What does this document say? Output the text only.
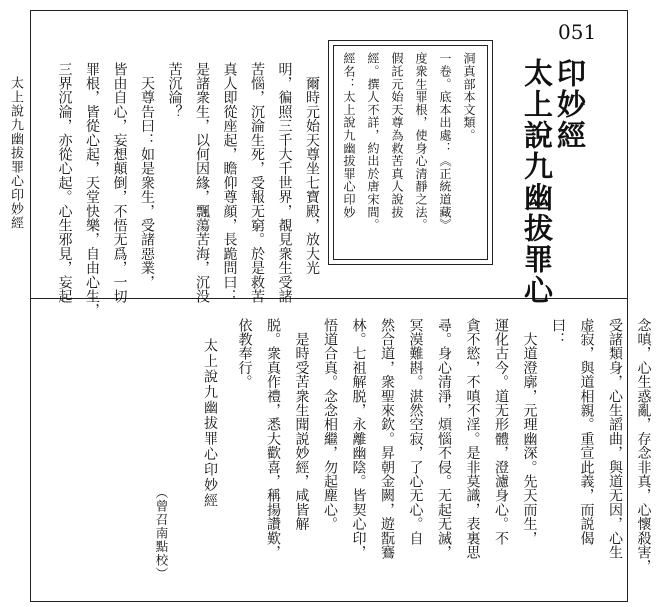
太上說九幽拔罪心印妙經
051
印妙經
太上說九幽拔罪心
洞真部本文類。
一卷。底本出處：《正統道藏》
度衆生罪根，使身心清靜之法。
假託元始天尊為救苦真人說拔
經。撰人不詳，約出於唐宋間。
經名：太上說九幽拔罪心印妙
　爾時元始天尊坐七寶殿，放大光
明，徧照三千大千世界，覩見衆生受諸
苦惱，沉淪生死，受報无窮。於是救苦
真人即從座起，瞻仰尊顔，長跪問曰：
是諸衆生，以何因緣，飄蕩苦海，沉没
苦沉淪？
　天尊告曰：如是衆生，受諸惡業，
皆由自心，妄想顛倒，不悟无爲，一切
罪根，皆從心起，天堂快樂，自由心生，
三界沉淪，亦從心起。心生邪見，妄起
念嗔，心生惑亂，存念非真，心懷殺害，
受諸類身，心生謟曲，與道无因，心生
虚寂，與道相親。重宣此義，而説偈
曰：
　大道澄廓，元理幽深。先天而生，
運化古今。道无形體，澄濾身心。不
貪不慾，不嗔不淫。是非莫識，表裏思
尋。身心清淨，煩惱不侵。无起无滅，
冥漠難斟。湛然空寂，了心无心。自
然合道，衆聖來欽。昇朝金闕，遊翫鶱
林。七祖解脱，永離幽陰。皆契心印，
悟道合真。念念相繼，勿起塵心。
　是時受苦衆生聞説妙經，咸皆解
脱。衆真作禮，悉大歡喜，稱揚讚歎，
依教奉行。
太上說九幽拔罪心印妙經
（曾召南點校）
